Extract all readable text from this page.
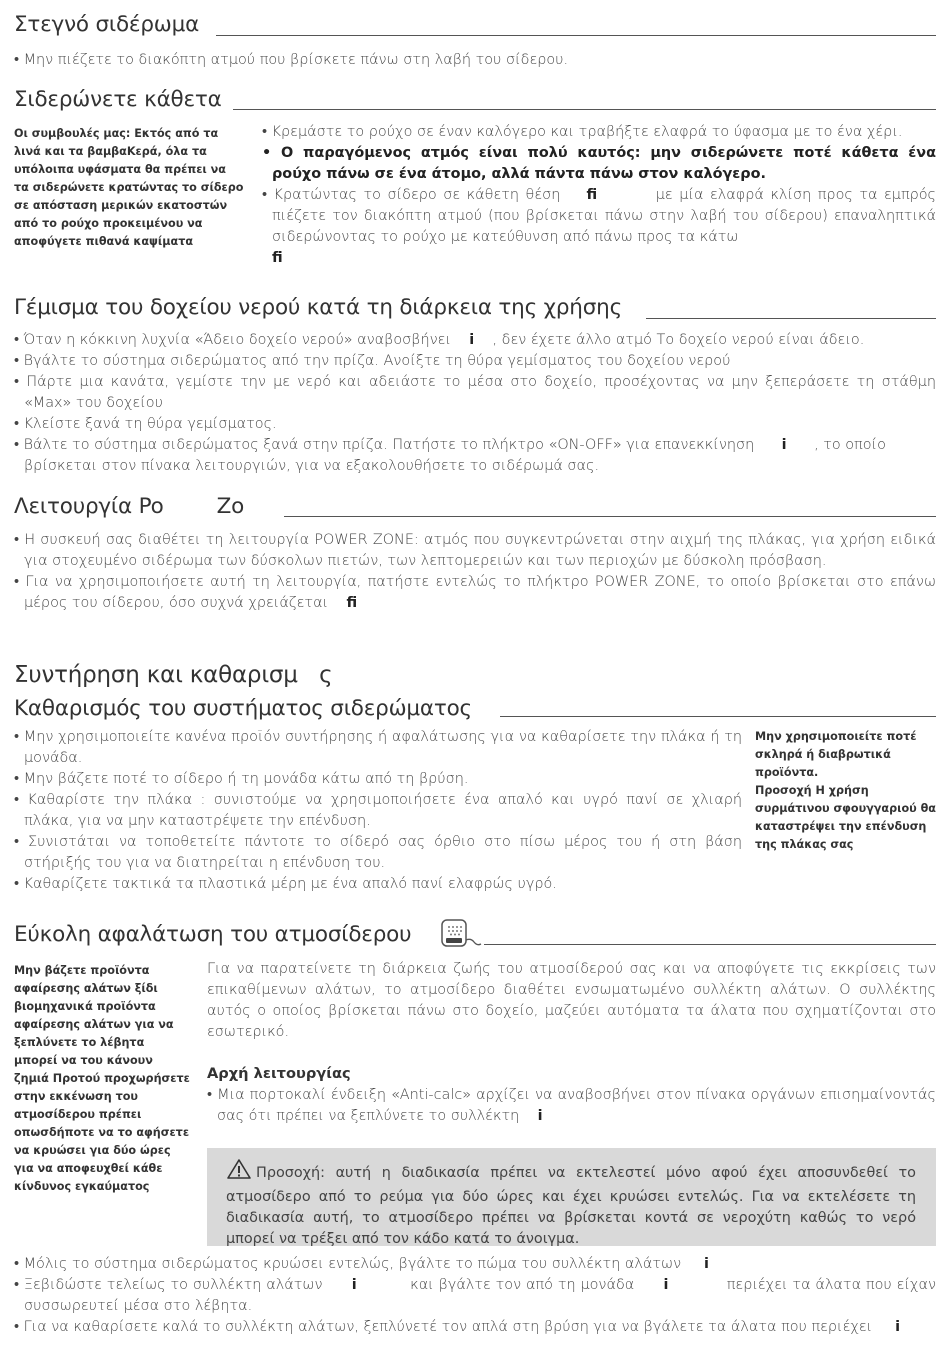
Στεγνό σιδέρωμα

• Μην πιέζετε το διακόπτη ατμού που βρίσκετε πάνω στη λαβή του σίδερου.

Σιδερώνετε κάθετα

Οι συμβουλές μας: Εκτός από τα λινά και τα βαμβαΚερά, όλα τα υπόλοιπα υφάσματα θα πρέπει να τα σιδερώνετε κρατώντας το σίδερο σε απόσταση μερικών εκατοστών από το ρούχο προκειμένου να αποφύγετε πιθανά καψίματα

• Κρεμάστε το ρούχο σε έναν καλόγερο και τραβήξτε ελαφρά το ύφασμα με το ένα χέρι.

• Ο παραγόμενος ατμός είναι πολύ καυτός: μην σιδερώνετε ποτέ κάθετα ένα ρούχο πάνω σε ένα άτομο, αλλά πάντα πάνω στον καλόγερο.

• Κρατώντας το σίδερο σε κάθετη θέση ﬁ	με μία ελαφρά κλίση προς τα εμπρός πιέζετε τον διακόπτη ατμού (που βρίσκεται πάνω στην λαβή του σίδερου) επαναληπτικά σιδερώνοντας το ρούχο με κατεύθυνση από πάνω προς τα κάτω
ﬁ

Γέμισμα του δοχείου νερού κατά τη διάρκεια της χρήσης

• Όταν η κόκκινη λυχνία «Άδειο δοχείο νερού» αναβοσβήνει i , δεν έχετε άλλο ατμό Το δοχείο νερού είναι άδειο.

• Βγάλτε το σύστημα σιδερώματος από την πρίζα. Ανοίξτε τη θύρα γεμίσματος του δοχείου νερού

• Πάρτε μια κανάτα, γεμίστε την με νερό και αδειάστε το μέσα στο δοχείο, προσέχοντας να μην ξεπεράσετε τη στάθμη «Max» του δοχείου

• Κλείστε ξανά τη θύρα γεμίσματος.

• Βάλτε το σύστημα σιδερώματος ξανά στην πρίζα. Πατήστε το πλήκτρο «ON-OFF» για επανεκκίνηση i , το οποίο βρίσκεται στον πίνακα λειτουργιών, για να εξακολουθήσετε το σιδέρωμά σας.

Λειτουργία Po Zo

• Η συσκευή σας διαθέτει τη λειτουργία POWER ZONE: ατμός που συγκεντρώνεται στην αιχμή της πλάκας, για χρήση ειδικά για στοχευμένο σιδέρωμα των δύσκολων πιετών, των λεπτομερειών και των περιοχών με δύσκολη πρόσβαση.

• Για να χρησιμοποιήσετε αυτή τη λειτουργία, πατήστε εντελώς το πλήκτρο POWER ZONE, το οποίο βρίσκεται στο επάνω μέρος του σίδερου, όσο συχνά χρειάζεται ﬁ

Συντήρηση και καθαρισμ ς
Καθαρισμός του συστήματος σιδερώματος

• Μην χρησιμοποιείτε κανένα προϊόν συντήρησης ή αφαλάτωσης για να καθαρίσετε την πλάκα ή τη μονάδα.

• Μην βάζετε ποτέ το σίδερο ή τη μονάδα κάτω από τη βρύση.

• Καθαρίστε την πλάκα : συνιστούμε να χρησιμοποιήσετε ένα απαλό και υγρό πανί σε χλιαρή πλάκα, για να μην καταστρέψετε την επένδυση.

• Συνιστάται να τοποθετείτε πάντοτε το σίδερό σας όρθιο στο πίσω μέρος του ή στη βάση στήριξής του για να διατηρείται η επένδυση του.

• Καθαρίζετε τακτικά τα πλαστικά μέρη με ένα απαλό πανί ελαφρώς υγρό.

Μην χρησιμοποιείτε ποτέ σκληρά ή διαβρωτικά προϊόντα.

Προσοχή Η χρήση συρμάτινου σφουγγαριού θα καταστρέψει την επένδυση της πλάκας σας

Εύκολη αφαλάτωση του ατμοσίδερου

Μην βάζετε προϊόντα αφαίρεσης αλάτων ξίδι βιομηχανικά προϊόντα αφαίρεσης αλάτων για να ξεπλύνετε το λέβητα μπορεί να του κάνουν ζημιά Προτού προχωρήσετε στην εκκένωση του ατμοσίδερου πρέπει οπωσδήποτε να το αφήσετε να κρυώσει για δύο ώρες για να αποφευχθεί κάθε κίνδυνος εγκαύματος

Για να παρατείνετε τη διάρκεια ζωής του ατμοσίδερού σας και να αποφύγετε τις εκκρίσεις των επικαθίμενων αλάτων, το ατμοσίδερο διαθέτει ενσωματωμένο συλλέκτη αλάτων. Ο συλλέκτης αυτός ο οποίος βρίσκεται πάνω στο δοχείο, μαζεύει αυτόματα τα άλατα που σχηματίζονται στο εσωτερικό.
Αρχή λειτουργίας

• Μια πορτοκαλί ένδειξη «Anti-calc» αρχίζει να αναβοσβήνει στον πίνακα οργάνων επισημαίνοντάς σας ότι πρέπει να ξεπλύνετε το συλλέκτη i

Προσοχή: αυτή η διαδικασία πρέπει να εκτελεστεί μόνο αφού έχει αποσυνδεθεί το ατμοσίδερο από το ρεύμα για δύο ώρες και έχει κρυώσει εντελώς. Για να εκτελέσετε τη διαδικασία αυτή, το ατμοσίδερο πρέπει να βρίσκεται κοντά σε νεροχύτη καθώς το νερό μπορεί να τρέξει από τον κάδο κατά το άνοιγμα.

• Μόλις το σύστημα σιδερώματος κρυώσει εντελώς, βγάλτε το πώμα του συλλέκτη αλάτων i

• Ξεβιδώστε τελείως το συλλέκτη αλάτων i	και βγάλτε τον από τη μονάδα i	περιέχει τα άλατα που είχαν συσσωρευτεί μέσα στο λέβητα.

• Για να καθαρίσετε καλά το συλλέκτη αλάτων, ξεπλύνετέ τον απλά στη βρύση για να βγάλετε τα άλατα που περιέχει i
